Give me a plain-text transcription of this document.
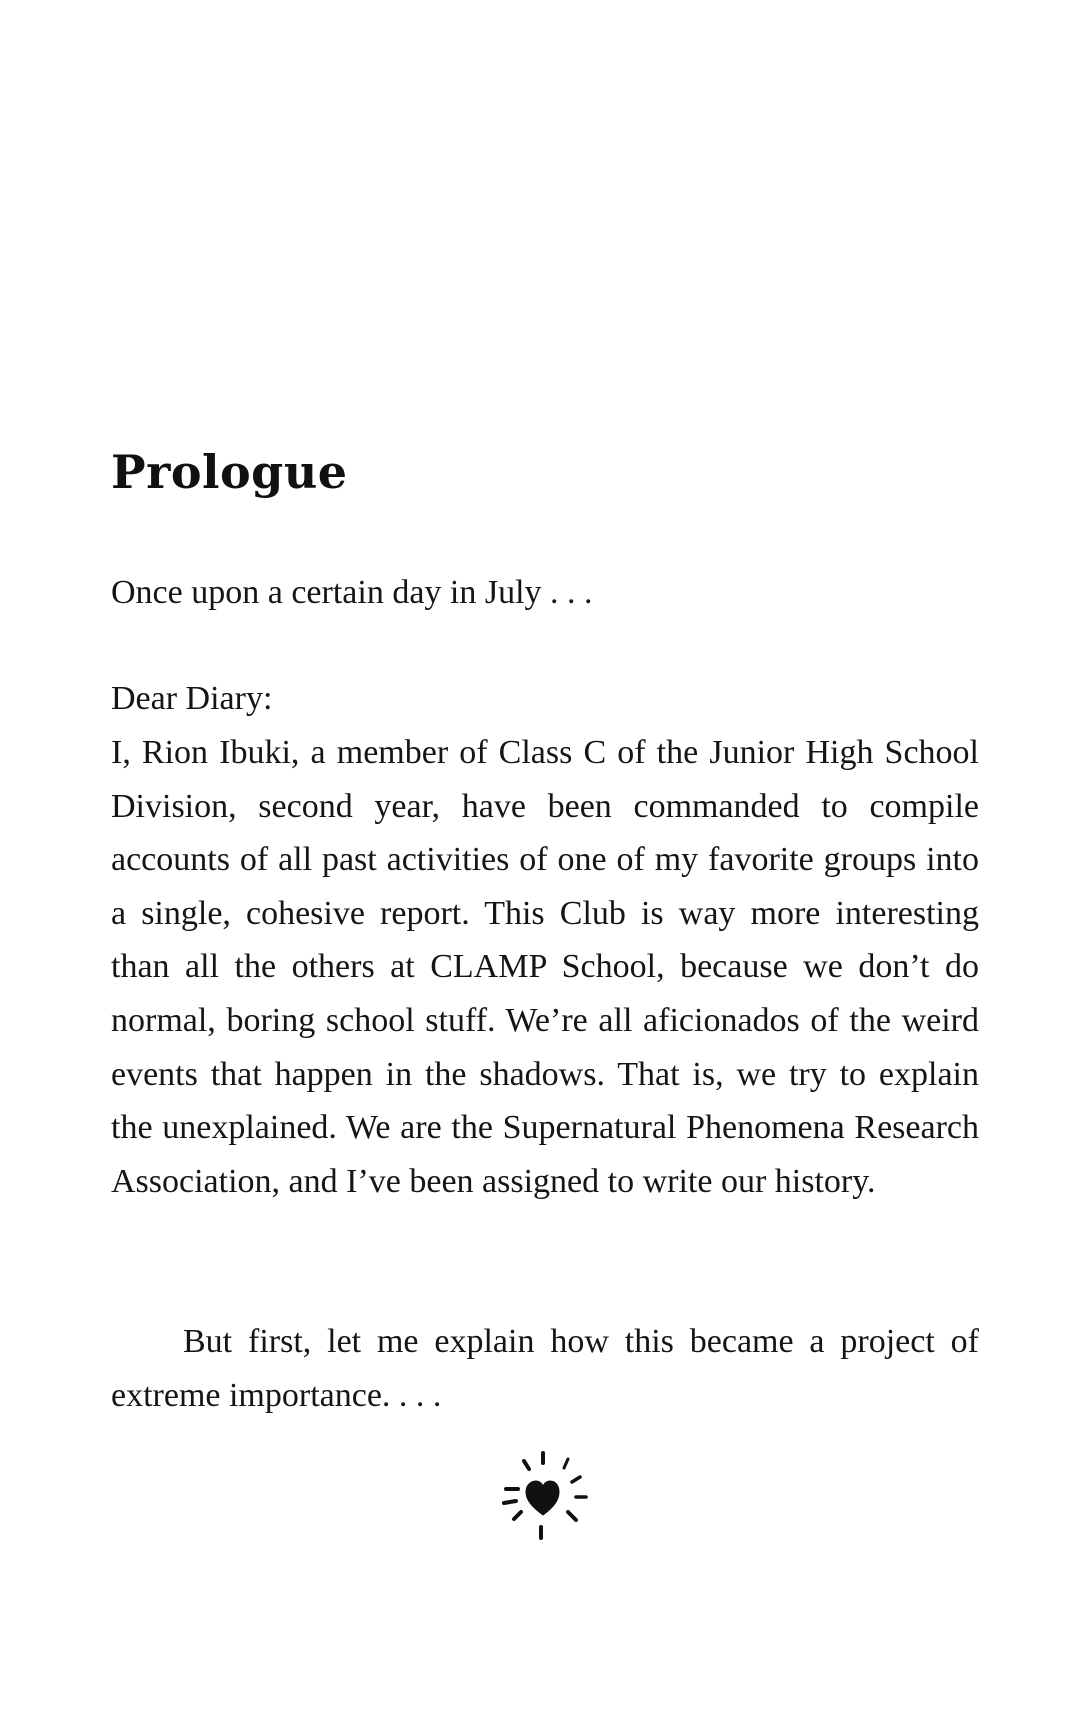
Prologue

Once upon a certain day in July . . .

Dear Diary:

I, Rion Ibuki, a member of Class C of the Junior High School Division, second year, have been commanded to compile accounts of all past activities of one of my favorite groups into a single, cohesive report. This Club is way more interesting than all the others at CLAMP School, because we don’t do normal, boring school stuff. We’re all aficionados of the weird events that happen in the shadows. That is, we try to explain the unexplained. We are the Supernatural Phenomena Research Association, and I’ve been assigned to write our history.

But first, let me explain how this became a project of extreme importance. . . .
